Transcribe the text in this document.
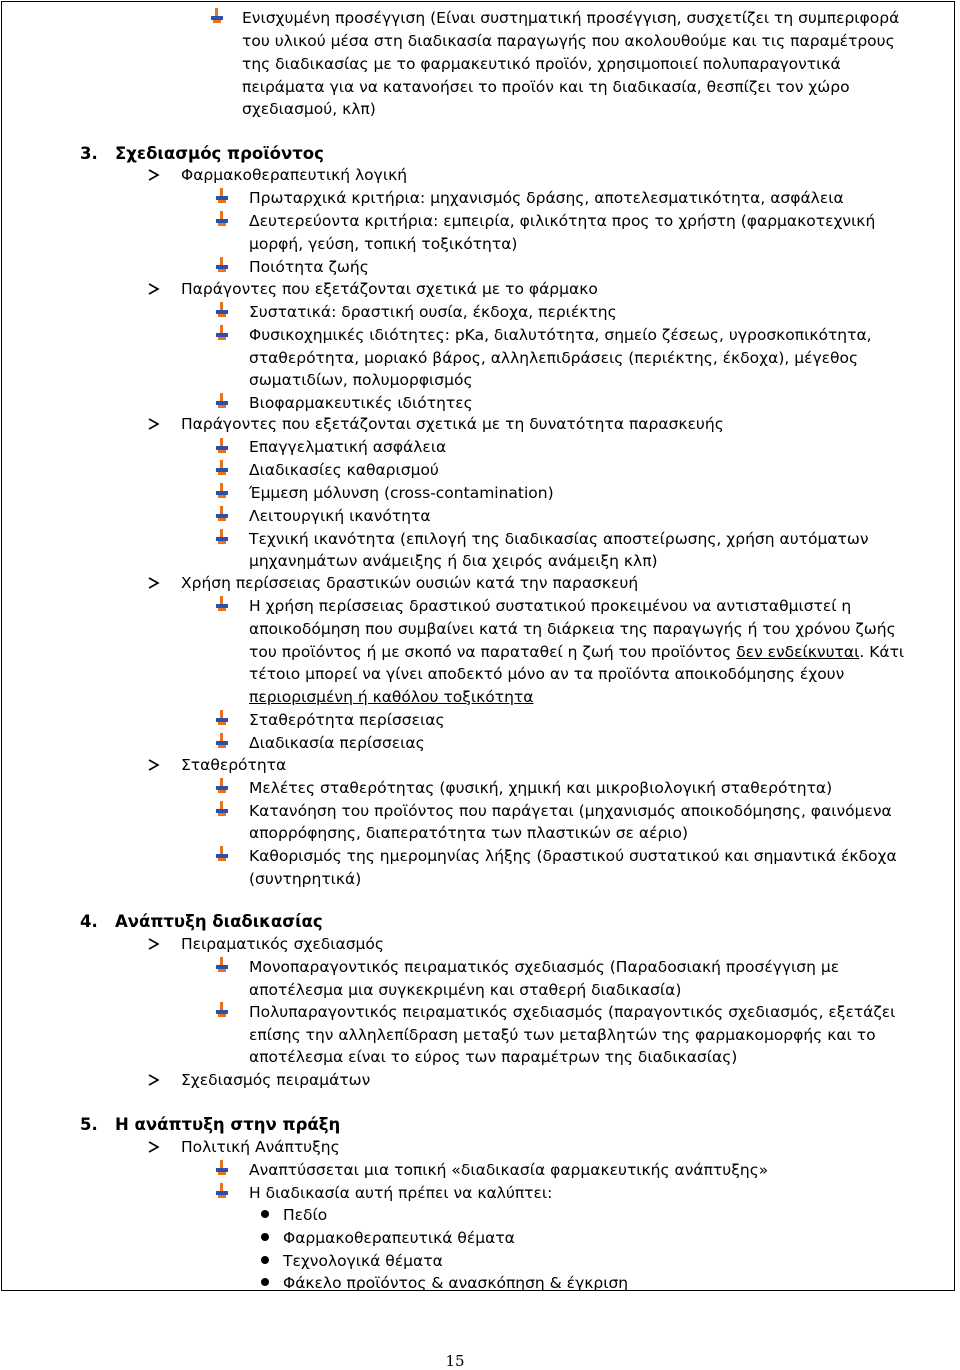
Ενισχυμένη προσέγγιση (Είναι συστηματική προσέγγιση, συσχετίζει τη συμπεριφορά
του υλικού μέσα στη διαδικασία παραγωγής που ακολουθούμε και τις παραμέτρους
της διαδικασίας με το φαρμακευτικό προϊόν, χρησιμοποιεί πολυπαραγοντικά
πειράματα για να κατανοήσει το προϊόν και τη διαδικασία, θεσπίζει τον χώρο
σχεδιασμού, κλπ)
3. Σχεδιασμός προϊόντος
Φαρμακοθεραπευτική λογική
Πρωταρχικά κριτήρια: μηχανισμός δράσης, αποτελεσματικότητα, ασφάλεια
Δευτερεύοντα κριτήρια: εμπειρία, φιλικότητα προς το χρήστη (φαρμακοτεχνική
μορφή, γεύση, τοπική τοξικότητα)
Ποιότητα ζωής
Παράγοντες που εξετάζονται σχετικά με το φάρμακο
Συστατικά: δραστική ουσία, έκδοχα, περιέκτης
Φυσικοχημικές ιδιότητες: pKa, διαλυτότητα, σημείο ζέσεως, υγροσκοπικότητα,
σταθερότητα, μοριακό βάρος, αλληλεπιδράσεις (περιέκτης, έκδοχα), μέγεθος
σωματιδίων, πολυμορφισμός
Βιοφαρμακευτικές ιδιότητες
Παράγοντες που εξετάζονται σχετικά με τη δυνατότητα παρασκευής
Επαγγελματική ασφάλεια
Διαδικασίες καθαρισμού
Έμμεση μόλυνση (cross-contamination)
Λειτουργική ικανότητα
Τεχνική ικανότητα (επιλογή της διαδικασίας αποστείρωσης, χρήση αυτόματων
μηχανημάτων ανάμειξης ή δια χειρός ανάμειξη κλπ)
Χρήση περίσσειας δραστικών ουσιών κατά την παρασκευή
Η χρήση περίσσειας δραστικού συστατικού προκειμένου να αντισταθμιστεί η
αποικοδόμηση που συμβαίνει κατά τη διάρκεια της παραγωγής ή του χρόνου ζωής
του προϊόντος ή με σκοπό να παραταθεί η ζωή του προϊόντος δεν ενδείκνυται. Κάτι
τέτοιο μπορεί να γίνει αποδεκτό μόνο αν τα προϊόντα αποικοδόμησης έχουν
περιορισμένη ή καθόλου τοξικότητα
Σταθερότητα περίσσειας
Διαδικασία περίσσειας
Σταθερότητα
Μελέτες σταθερότητας (φυσική, χημική και μικροβιολογική σταθερότητα)
Κατανόηση του προϊόντος που παράγεται (μηχανισμός αποικοδόμησης, φαινόμενα
απορρόφησης, διαπερατότητα των πλαστικών σε αέριο)
Καθορισμός της ημερομηνίας λήξης (δραστικού συστατικού και σημαντικά έκδοχα
(συντηρητικά)
4. Ανάπτυξη διαδικασίας
Πειραματικός σχεδιασμός
Μονοπαραγοντικός πειραματικός σχεδιασμός (Παραδοσιακή προσέγγιση με
αποτέλεσμα μια συγκεκριμένη και σταθερή διαδικασία)
Πολυπαραγοντικός πειραματικός σχεδιασμός (παραγοντικός σχεδιασμός, εξετάζει
επίσης την αλληλεπίδραση μεταξύ των μεταβλητών της φαρμακομορφής και το
αποτέλεσμα είναι το εύρος των παραμέτρων της διαδικασίας)
Σχεδιασμός πειραμάτων
5. Η ανάπτυξη στην πράξη
Πολιτική Ανάπτυξης
Αναπτύσσεται μια τοπική «διαδικασία φαρμακευτικής ανάπτυξης»
Η διαδικασία αυτή πρέπει να καλύπτει:
Πεδίο
Φαρμακοθεραπευτικά θέματα
Τεχνολογικά θέματα
Φάκελο προϊόντος & ανασκόπηση & έγκριση
15
